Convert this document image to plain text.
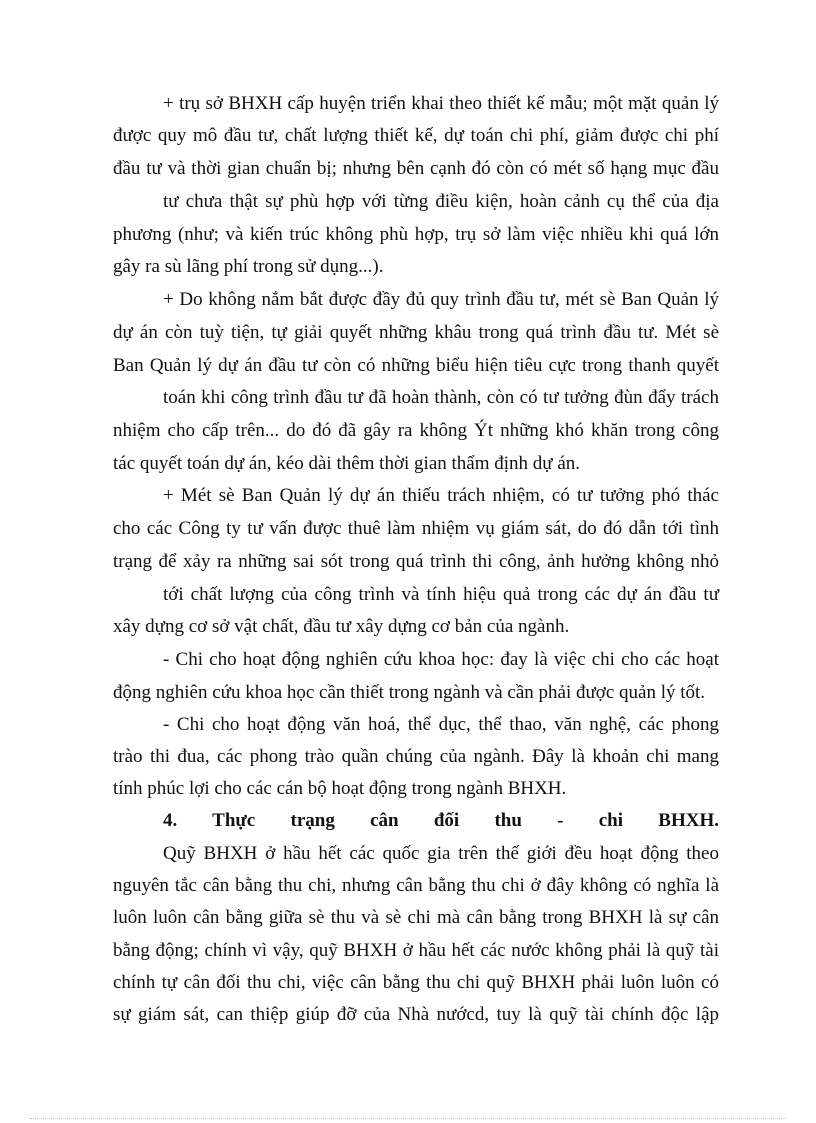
+ trụ sở BHXH cấp huyện triển khai theo thiết kế mẫu; một mặt quản lý
được quy mô đầu tư, chất lượng thiết kế, dự toán chi phí, giảm được chi phí
đầu tư và thời gian chuẩn bị; nhưng bên cạnh đó còn có mét số hạng mục đầu
tư chưa thật sự phù hợp với từng điều kiện, hoàn cảnh cụ thể của địa
phương (như; và kiến trúc không phù hợp, trụ sở làm việc nhiều khi quá lớn
gây ra sù lãng phí trong sử dụng...).
+ Do không nắm bắt được đầy đủ quy trình đầu tư, mét sè Ban Quản lý
dự án còn tuỳ tiện, tự giải quyết những khâu trong quá trình đầu tư. Mét sè
Ban Quản lý dự án đầu tư còn có những biểu hiện tiêu cực trong thanh quyết
toán khi công trình đầu tư đã hoàn thành, còn có tư tưởng đùn đẩy trách
nhiệm cho cấp trên... do đó đã gây ra không Ýt những khó khăn trong công
tác quyết toán dự án, kéo dài thêm thời gian thẩm định dự án.
+ Mét sè Ban Quản lý dự án thiếu trách nhiệm, có tư tưởng phó thác
cho các Công ty tư vấn được thuê làm nhiệm vụ giám sát, do đó dẫn tới tình
trạng để xảy ra những sai sót trong quá trình thi công, ảnh hưởng không nhỏ
tới chất lượng của công trình và tính hiệu quả trong các dự án đầu tư
xây dựng cơ sở vật chất, đầu tư xây dựng cơ bản của ngành.
- Chi cho hoạt động nghiên cứu khoa học: đay là việc chi cho các hoạt
động nghiên cứu khoa học cần thiết trong ngành và cần phải được quản lý tốt.
- Chi cho hoạt động văn hoá, thể dục, thể thao, văn nghệ, các phong
trào thi đua, các phong trào quần chúng của ngành. Đây là khoản chi mang
tính phúc lợi cho các cán bộ hoạt động trong ngành BHXH.
4. Thực trạng cân đối thu - chi BHXH.
Quỹ BHXH ở hầu hết các quốc gia trên thế giới đều hoạt động theo
nguyên tắc cân bằng thu chi, nhưng cân bằng thu chi ở đây không có nghĩa là
luôn luôn cân bằng giữa sè thu và sè chi mà cân bằng trong BHXH là sự cân
bằng động; chính vì vậy, quỹ BHXH ở hầu hết các nước không phải là quỹ tài
chính tự cân đối thu chi, việc cân bằng thu chi quỹ BHXH phải luôn luôn có
sự giám sát, can thiệp giúp đỡ của Nhà nướcd, tuy là quỹ tài chính độc lập
